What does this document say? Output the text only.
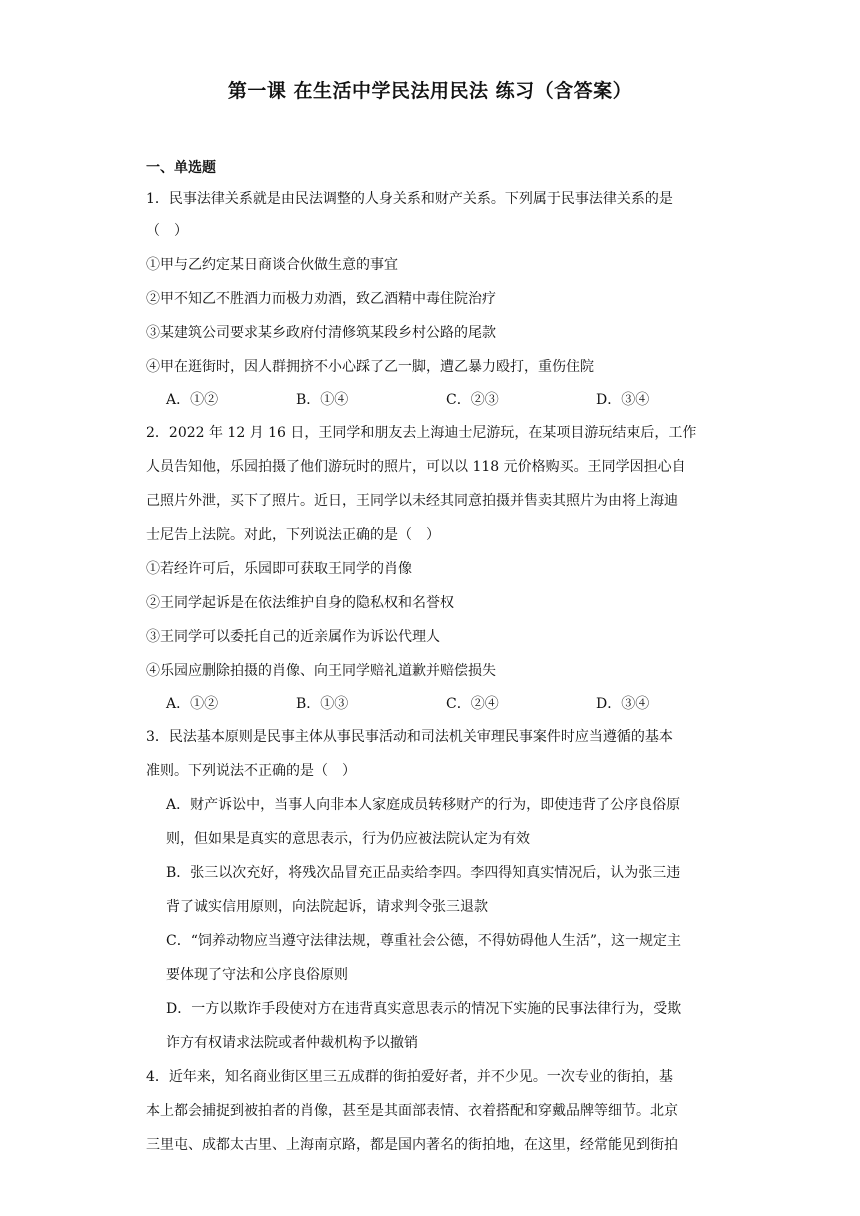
第一课 在生活中学民法用民法 练习（含答案）
一、单选题
1．民事法律关系就是由民法调整的人身关系和财产关系。下列属于民事法律关系的是
（　）
①甲与乙约定某日商谈合伙做生意的事宜
②甲不知乙不胜酒力而极力劝酒，致乙酒精中毒住院治疗
③某建筑公司要求某乡政府付清修筑某段乡村公路的尾款
④甲在逛街时，因人群拥挤不小心踩了乙一脚，遭乙暴力殴打，重伤住院
A．①②	B．①④	C．②③	D．③④
2．2022 年 12 月 16 日，王同学和朋友去上海迪士尼游玩，在某项目游玩结束后，工作
人员告知他，乐园拍摄了他们游玩时的照片，可以以 118 元价格购买。王同学因担心自
己照片外泄，买下了照片。近日，王同学以未经其同意拍摄并售卖其照片为由将上海迪
士尼告上法院。对此，下列说法正确的是（　）
①若经许可后，乐园即可获取王同学的肖像
②王同学起诉是在依法维护自身的隐私权和名誉权
③王同学可以委托自己的近亲属作为诉讼代理人
④乐园应删除拍摄的肖像、向王同学赔礼道歉并赔偿损失
A．①②	B．①③	C．②④	D．③④
3．民法基本原则是民事主体从事民事活动和司法机关审理民事案件时应当遵循的基本
准则。下列说法不正确的是（　）
A．财产诉讼中，当事人向非本人家庭成员转移财产的行为，即使违背了公序良俗原
则，但如果是真实的意思表示，行为仍应被法院认定为有效
B．张三以次充好，将残次品冒充正品卖给李四。李四得知真实情况后，认为张三违
背了诚实信用原则，向法院起诉，请求判令张三退款
C．“饲养动物应当遵守法律法规，尊重社会公德，不得妨碍他人生活”，这一规定主
要体现了守法和公序良俗原则
D．一方以欺诈手段使对方在违背真实意思表示的情况下实施的民事法律行为，受欺
诈方有权请求法院或者仲裁机构予以撤销
4．近年来，知名商业街区里三五成群的街拍爱好者，并不少见。一次专业的街拍，基
本上都会捕捉到被拍者的肖像，甚至是其面部表情、衣着搭配和穿戴品牌等细节。北京
三里屯、成都太古里、上海南京路，都是国内著名的街拍地，在这里，经常能见到街拍
